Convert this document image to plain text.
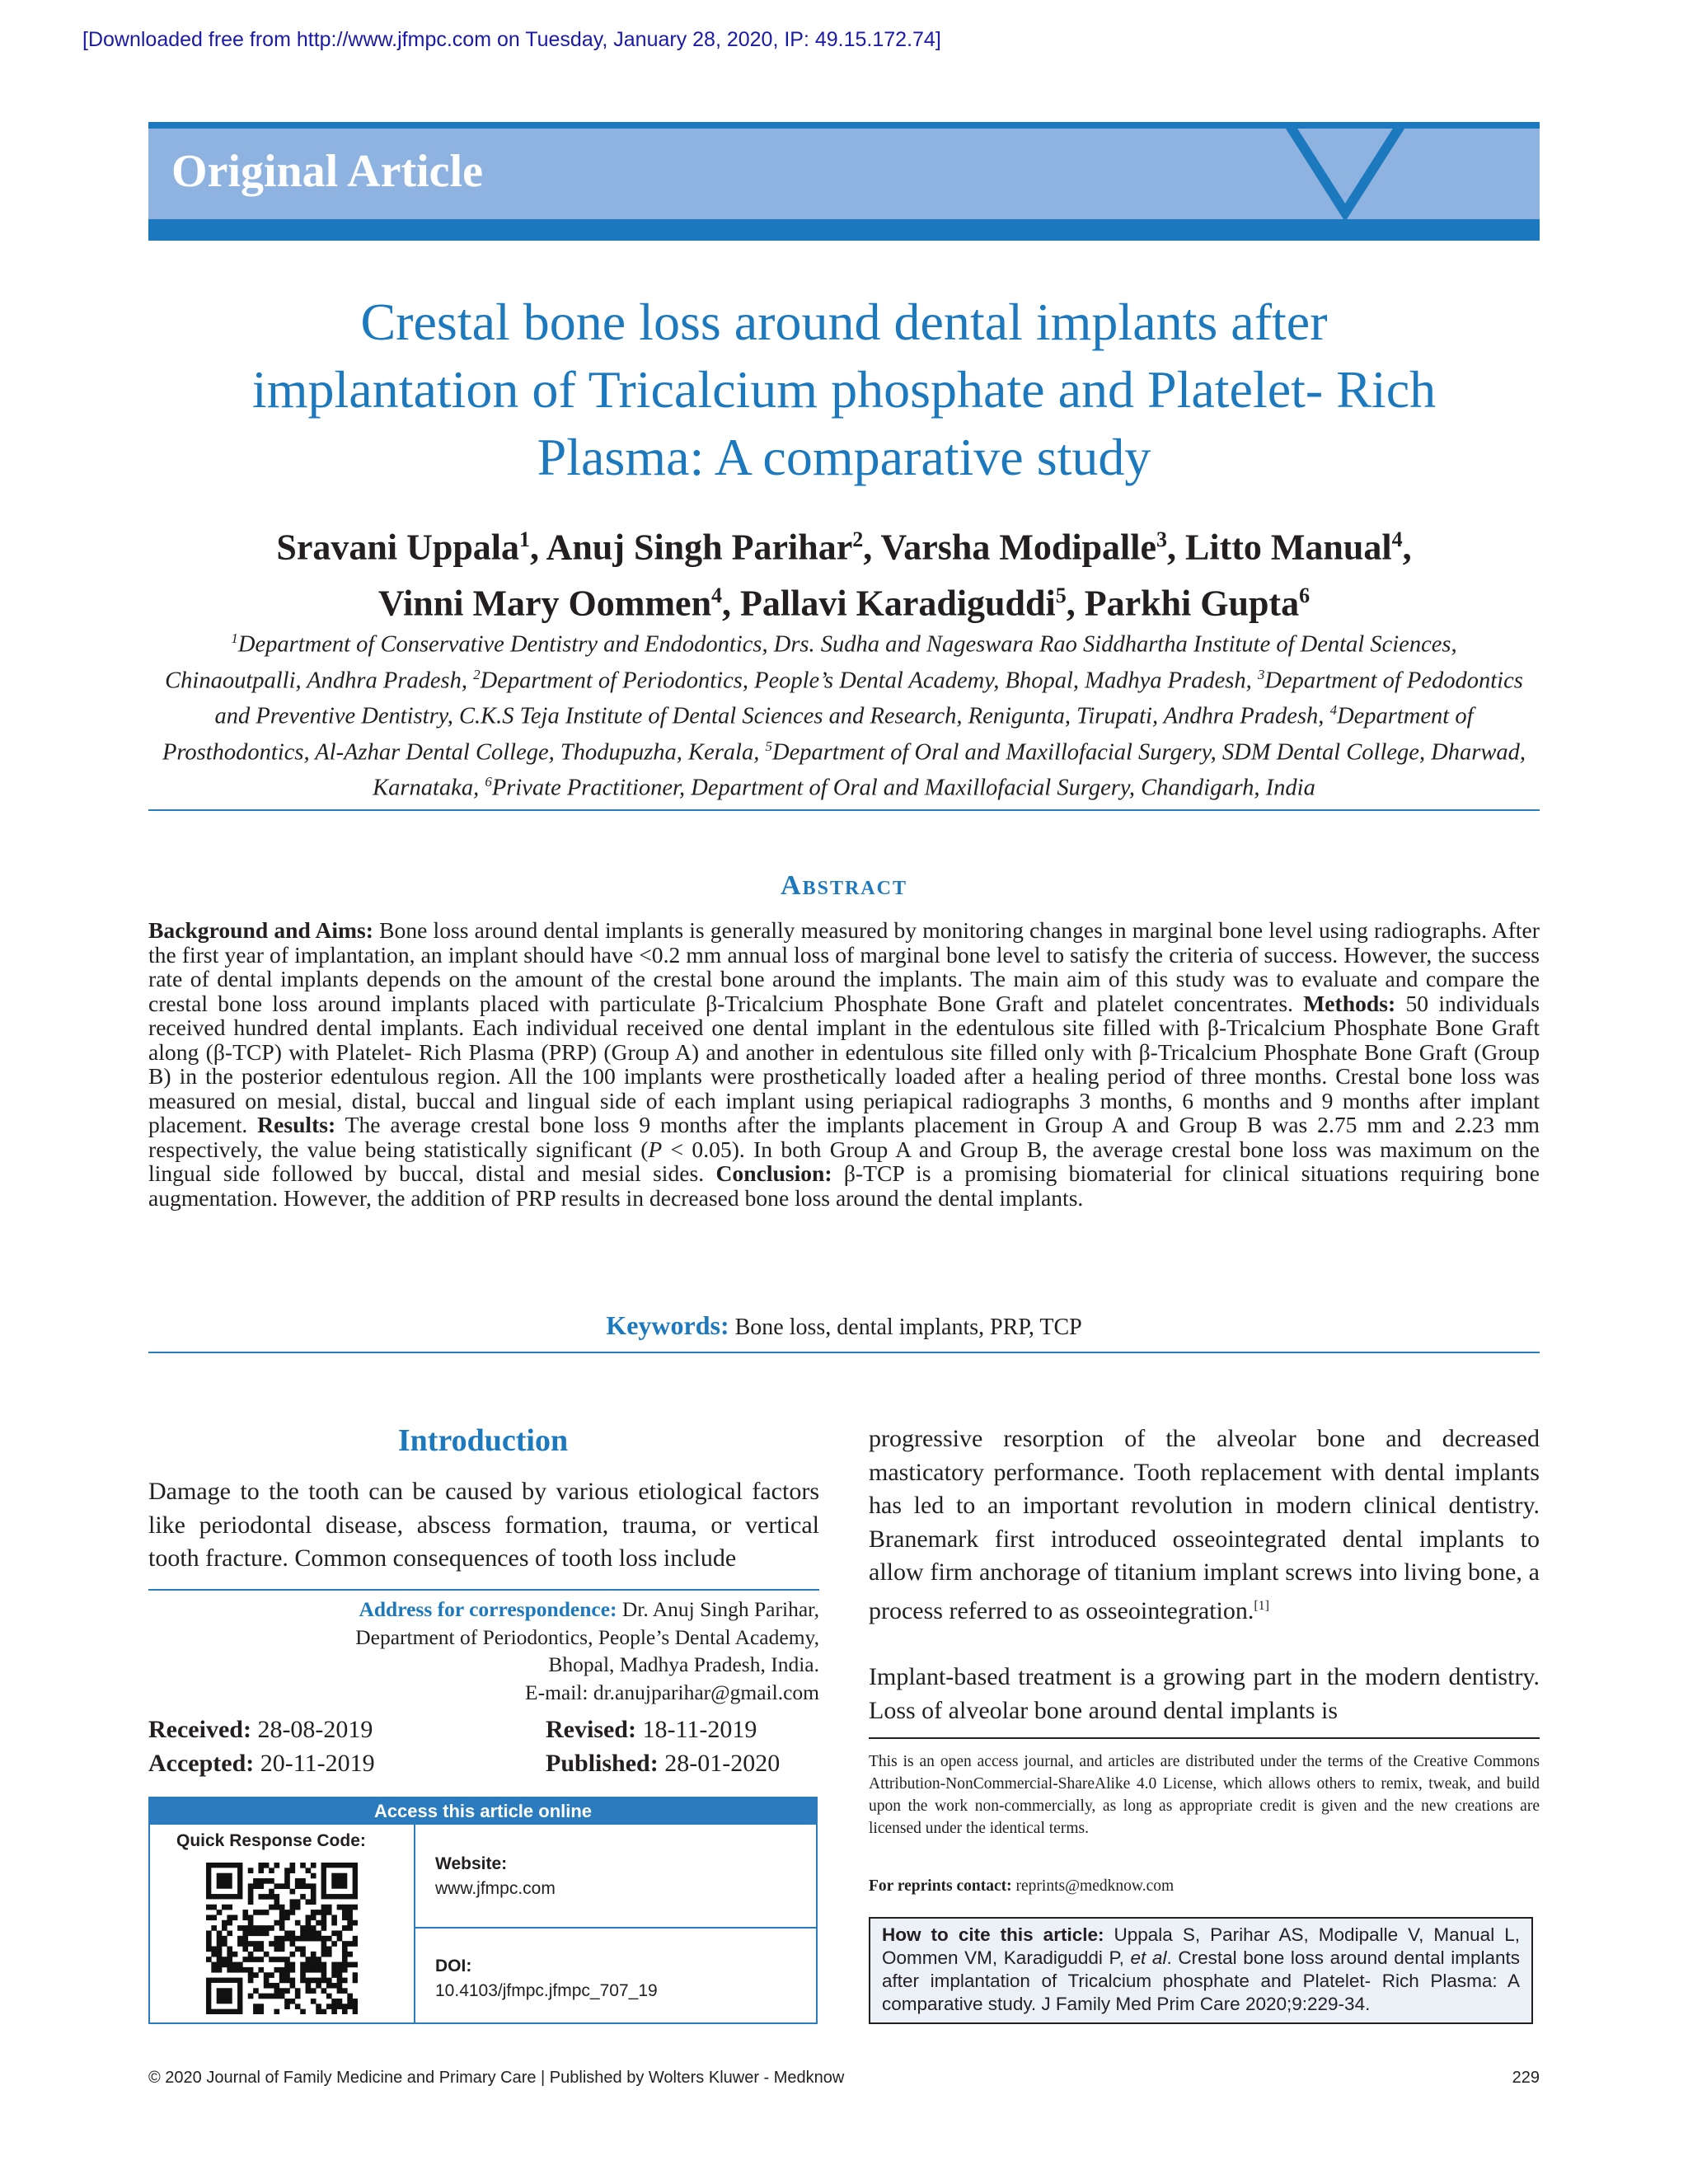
[Downloaded free from http://www.jfmpc.com on Tuesday, January 28, 2020, IP: 49.15.172.74]
Original Article
Crestal bone loss around dental implants after
implantation of Tricalcium phosphate and Platelet- Rich
Plasma: A comparative study
Sravani Uppala$^1$, Anuj Singh Parihar$^2$, Varsha Modipalle$^3$, Litto Manual$^4$,
Vinni Mary Oommen$^4$, Pallavi Karadiguddi$^5$, Parkhi Gupta$^6$
$^1$Department of Conservative Dentistry and Endodontics, Drs. Sudha and Nageswara Rao Siddhartha Institute of Dental Sciences, Chinaoutpalli, Andhra Pradesh, $^2$Department of Periodontics, People’s Dental Academy, Bhopal, Madhya Pradesh, $^3$Department of Pedodontics and Preventive Dentistry, C.K.S Teja Institute of Dental Sciences and Research, Renigunta, Tirupati, Andhra Pradesh, $^4$Department of Prosthodontics, Al-Azhar Dental College, Thodupuzha, Kerala, $^5$Department of Oral and Maxillofacial Surgery, SDM Dental College, Dharwad, Karnataka, $^6$Private Practitioner, Department of Oral and Maxillofacial Surgery, Chandigarh, India
Abstract
Background and Aims: Bone loss around dental implants is generally measured by monitoring changes in marginal bone level using radiographs. After the first year of implantation, an implant should have <0.2 mm annual loss of marginal bone level to satisfy the criteria of success. However, the success rate of dental implants depends on the amount of the crestal bone around the implants. The main aim of this study was to evaluate and compare the crestal bone loss around implants placed with particulate β-Tricalcium Phosphate Bone Graft and platelet concentrates. Methods: 50 individuals received hundred dental implants. Each individual received one dental implant in the edentulous site filled with β-Tricalcium Phosphate Bone Graft along (β-TCP) with Platelet- Rich Plasma (PRP) (Group A) and another in edentulous site filled only with β-Tricalcium Phosphate Bone Graft (Group B) in the posterior edentulous region. All the 100 implants were prosthetically loaded after a healing period of three months. Crestal bone loss was measured on mesial, distal, buccal and lingual side of each implant using periapical radiographs 3 months, 6 months and 9 months after implant placement. Results: The average crestal bone loss 9 months after the implants placement in Group A and Group B was 2.75 mm and 2.23 mm respectively, the value being statistically significant (P < 0.05). In both Group A and Group B, the average crestal bone loss was maximum on the lingual side followed by buccal, distal and mesial sides. Conclusion: β-TCP is a promising biomaterial for clinical situations requiring bone augmentation. However, the addition of PRP results in decreased bone loss around the dental implants.
Keywords: Bone loss, dental implants, PRP, TCP
Introduction
Damage to the tooth can be caused by various etiological factors like periodontal disease, abscess formation, trauma, or vertical tooth fracture. Common consequences of tooth loss include
Address for correspondence: Dr. Anuj Singh Parihar,
Department of Periodontics, People’s Dental Academy,
Bhopal, Madhya Pradesh, India.
E-mail: dr.anujparihar@gmail.com
Received: 28-08-2019	Revised: 18-11-2019
Accepted: 20-11-2019	Published: 28-01-2020
Access this article online
Quick Response Code:
Website:
www.jfmpc.com
DOI:
10.4103/jfmpc.jfmpc_707_19

progressive resorption of the alveolar bone and decreased masticatory performance. Tooth replacement with dental implants has led to an important revolution in modern clinical dentistry. Branemark first introduced osseointegrated dental implants to allow firm anchorage of titanium implant screws into living bone, a process referred to as osseointegration.[1]

Implant-based treatment is a growing part in the modern dentistry. Loss of alveolar bone around dental implants is

This is an open access journal, and articles are distributed under the terms of the Creative Commons Attribution-NonCommercial-ShareAlike 4.0 License, which allows others to remix, tweak, and build upon the work non-commercially, as long as appropriate credit is given and the new creations are licensed under the identical terms.
For reprints contact: reprints@medknow.com
How to cite this article: Uppala S, Parihar AS, Modipalle V, Manual L, Oommen VM, Karadiguddi P, et al. Crestal bone loss around dental implants after implantation of Tricalcium phosphate and Platelet- Rich Plasma: A comparative study. J Family Med Prim Care 2020;9:229-34.
© 2020 Journal of Family Medicine and Primary Care | Published by Wolters Kluwer - Medknow	229
